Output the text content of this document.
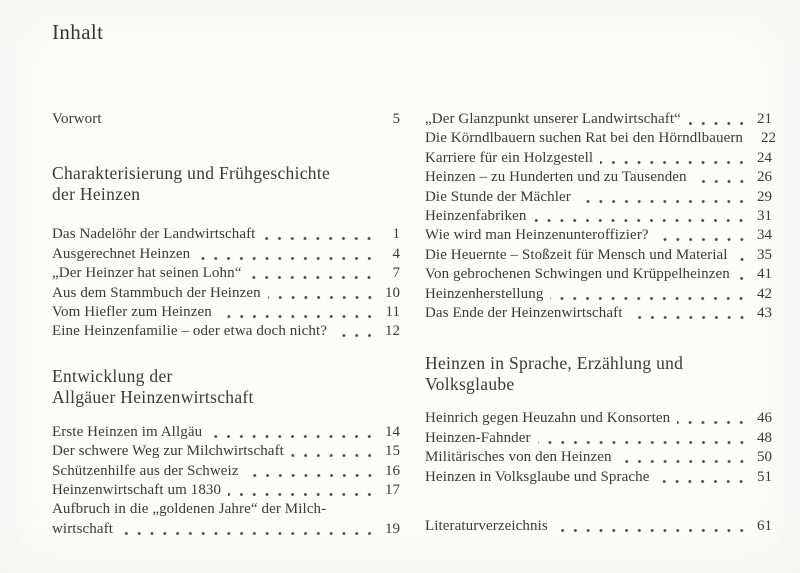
Inhalt
Vorwort	5
Charakterisierung und Frühgeschichte
der Heinzen
Das Nadelöhr der Landwirtschaft	1
Ausgerechnet Heinzen	4
„Der Heinzer hat seinen Lohn“	7
Aus dem Stammbuch der Heinzen	10
Vom Hiefler zum Heinzen	11
Eine Heinzenfamilie – oder etwa doch nicht?	12
Entwicklung der
Allgäuer Heinzenwirtschaft
Erste Heinzen im Allgäu	14
Der schwere Weg zur Milchwirtschaft	15
Schützenhilfe aus der Schweiz	16
Heinzenwirtschaft um 1830	17
Aufbruch in die „goldenen Jahre“ der Milch-
wirtschaft	19
„Der Glanzpunkt unserer Landwirtschaft“	21
Die Körndlbauern suchen Rat bei den Hörndlbauern	22
Karriere für ein Holzgestell	24
Heinzen – zu Hunderten und zu Tausenden	26
Die Stunde der Mächler	29
Heinzenfabriken	31
Wie wird man Heinzenunteroffizier?	34
Die Heuernte – Stoßzeit für Mensch und Material	35
Von gebrochenen Schwingen und Krüppelheinzen	41
Heinzenherstellung	42
Das Ende der Heinzenwirtschaft	43
Heinzen in Sprache, Erzählung und
Volksglaube
Heinrich gegen Heuzahn und Konsorten	46
Heinzen-Fahnder	48
Militärisches von den Heinzen	50
Heinzen in Volksglaube und Sprache	51
Literaturverzeichnis	61
